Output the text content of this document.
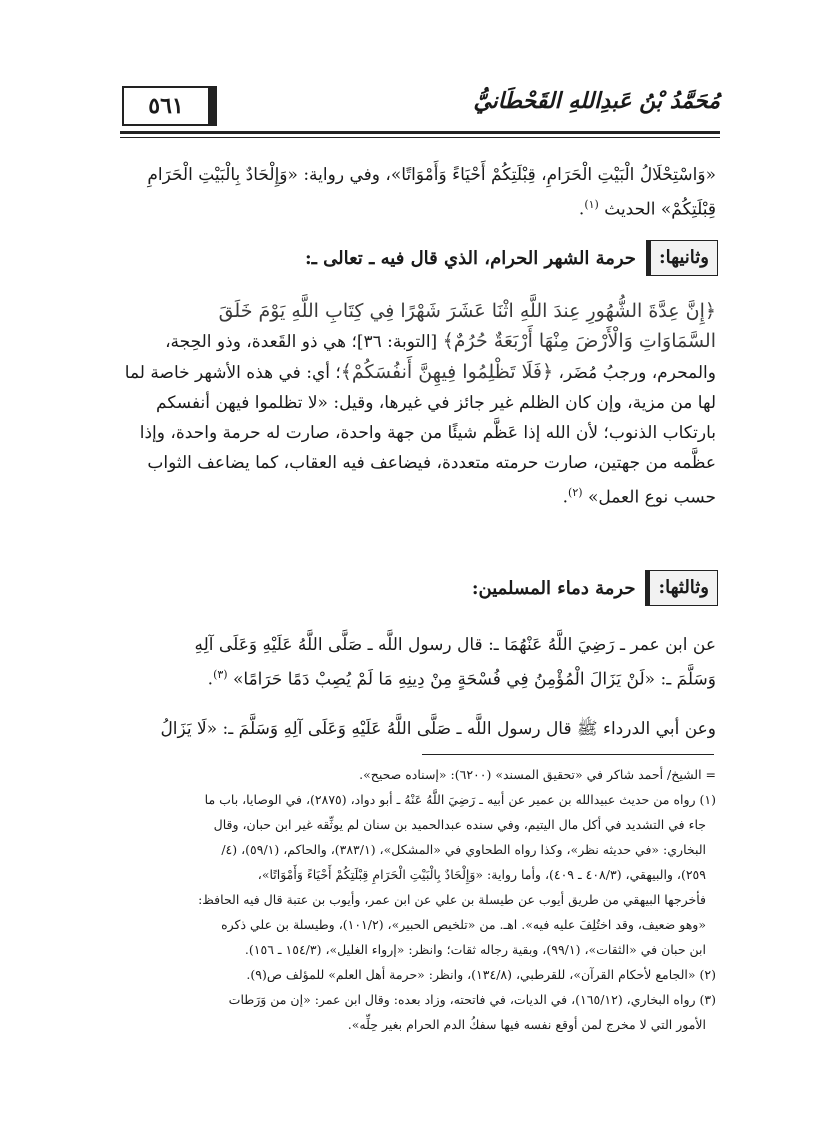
٥٦١	مُحَمَّدُ بْنُ عَبدِاللهِ القَحْطَانيُّ

«وَاسْتِحْلَالُ الْبَيْتِ الْحَرَامِ، قِبْلَتِكُمْ أَحْيَاءً وَأَمْوَاتًا»، وفي رواية: «وَإِلْحَادٌ بِالْبَيْتِ الْحَرَامِ

قِبْلَتِكُمْ» الحديث $^{(١)}$.

وثانيها:
حرمة الشهر الحرام، الذي قال فيه ـ تعالى ـ:

﴿إِنَّ عِدَّةَ الشُّهُورِ عِندَ اللَّهِ اثْنَا عَشَرَ شَهْرًا فِي كِتَابِ اللَّهِ يَوْمَ خَلَقَ

السَّمَاوَاتِ وَالْأَرْضَ مِنْهَا أَرْبَعَةٌ حُرُمٌ﴾ [التوبة: ٣٦]؛ هي ذو القَعدة، وذو الحِجة،

والمحرم، ورجبُ مُضَر، ﴿فَلَا تَظْلِمُوا فِيهِنَّ أَنفُسَكُمْ﴾؛ أي: في هذه الأشهر خاصة لما

لها من مزية، وإن كان الظلم غير جائز في غيرها، وقيل: «لا تظلموا فيهن أنفسكم

بارتكاب الذنوب؛ لأن الله إذا عَظَّم شيئًا من جهة واحدة، صارت له حرمة واحدة، وإذا

عظَّمه من جهتين، صارت حرمته متعددة، فيضاعف فيه العقاب، كما يضاعف الثواب

حسب نوع العمل» $^{(٢)}$.

وثالثها:
حرمة دماء المسلمين:

عن ابن عمر ـ رَضِيَ اللَّهُ عَنْهُمَا ـ: قال رسول اللَّه ـ صَلَّى اللَّهُ عَلَيْهِ وَعَلَى آلِهِ

وَسَلَّمَ ـ: «لَنْ يَزَالَ الْمُؤْمِنُ فِي فُسْحَةٍ مِنْ دِينِهِ مَا لَمْ يُصِبْ دَمًا حَرَامًا» $^{(٣)}$.

وعن أبي الدرداء ﷺ قال رسول اللَّه ـ صَلَّى اللَّهُ عَلَيْهِ وَعَلَى آلِهِ وَسَلَّمَ ـ: «لَا يَزَالُ

= الشيخ/ أحمد شاكر في «تحقيق المسند» (٦٢٠٠): «إسناده صحيح».

(١) رواه من حديث عبيدالله بن عمير عن أبيه ـ رَضِيَ اللَّهُ عَنْهُ ـ أبو دواد، (٢٨٧٥)، في الوصايا، باب ما

جاء في التشديد في أكل مال اليتيم، وفي سنده عبدالحميد بن سنان لم يوثِّقه غير ابن حبان، وقال

البخاري: «في حديثه نظر»، وكذا رواه الطحاوي في «المشكل»، (٣٨٣/١)، والحاكم، (٥٩/١)، (٤/

٢٥٩)، والبيهقي، (٤٠٨/٣ ـ ٤٠٩)، وأما رواية: «وَإِلْحَادٌ بِالْبَيْتِ الْحَرَامِ قِبْلَتِكُمْ أَحْيَاءً وَأَمْوَاتًا»،

فأخرجها البيهقي من طريق أيوب عن طيسلة بن علي عن ابن عمر، وأيوب بن عتبة قال فيه الحافظ:

«وهو ضعيف، وقد اختُلِفَ عليه فيه». اهـ. من «تلخيص الحبير»، (١٠١/٢)، وطيسلة بن علي ذكره

ابن حبان في «الثقات»، (٩٩/١)، وبقية رجاله ثقات؛ وانظر: «إرواء الغليل»، (١٥٤/٣ ـ ١٥٦).

(٢) «الجامع لأحكام القرآن»، للقرطبي، (١٣٤/٨)، وانظر: «حرمة أهل العلم» للمؤلف ص(٩).

(٣) رواه البخاري، (١٦٥/١٢)، في الديات، في فاتحته، وزاد بعده: وقال ابن عمر: «إن من وَرَطات

الأمور التي لا مخرج لمن أوقع نفسه فيها سفكُ الدم الحرام بغير حِلِّه».
